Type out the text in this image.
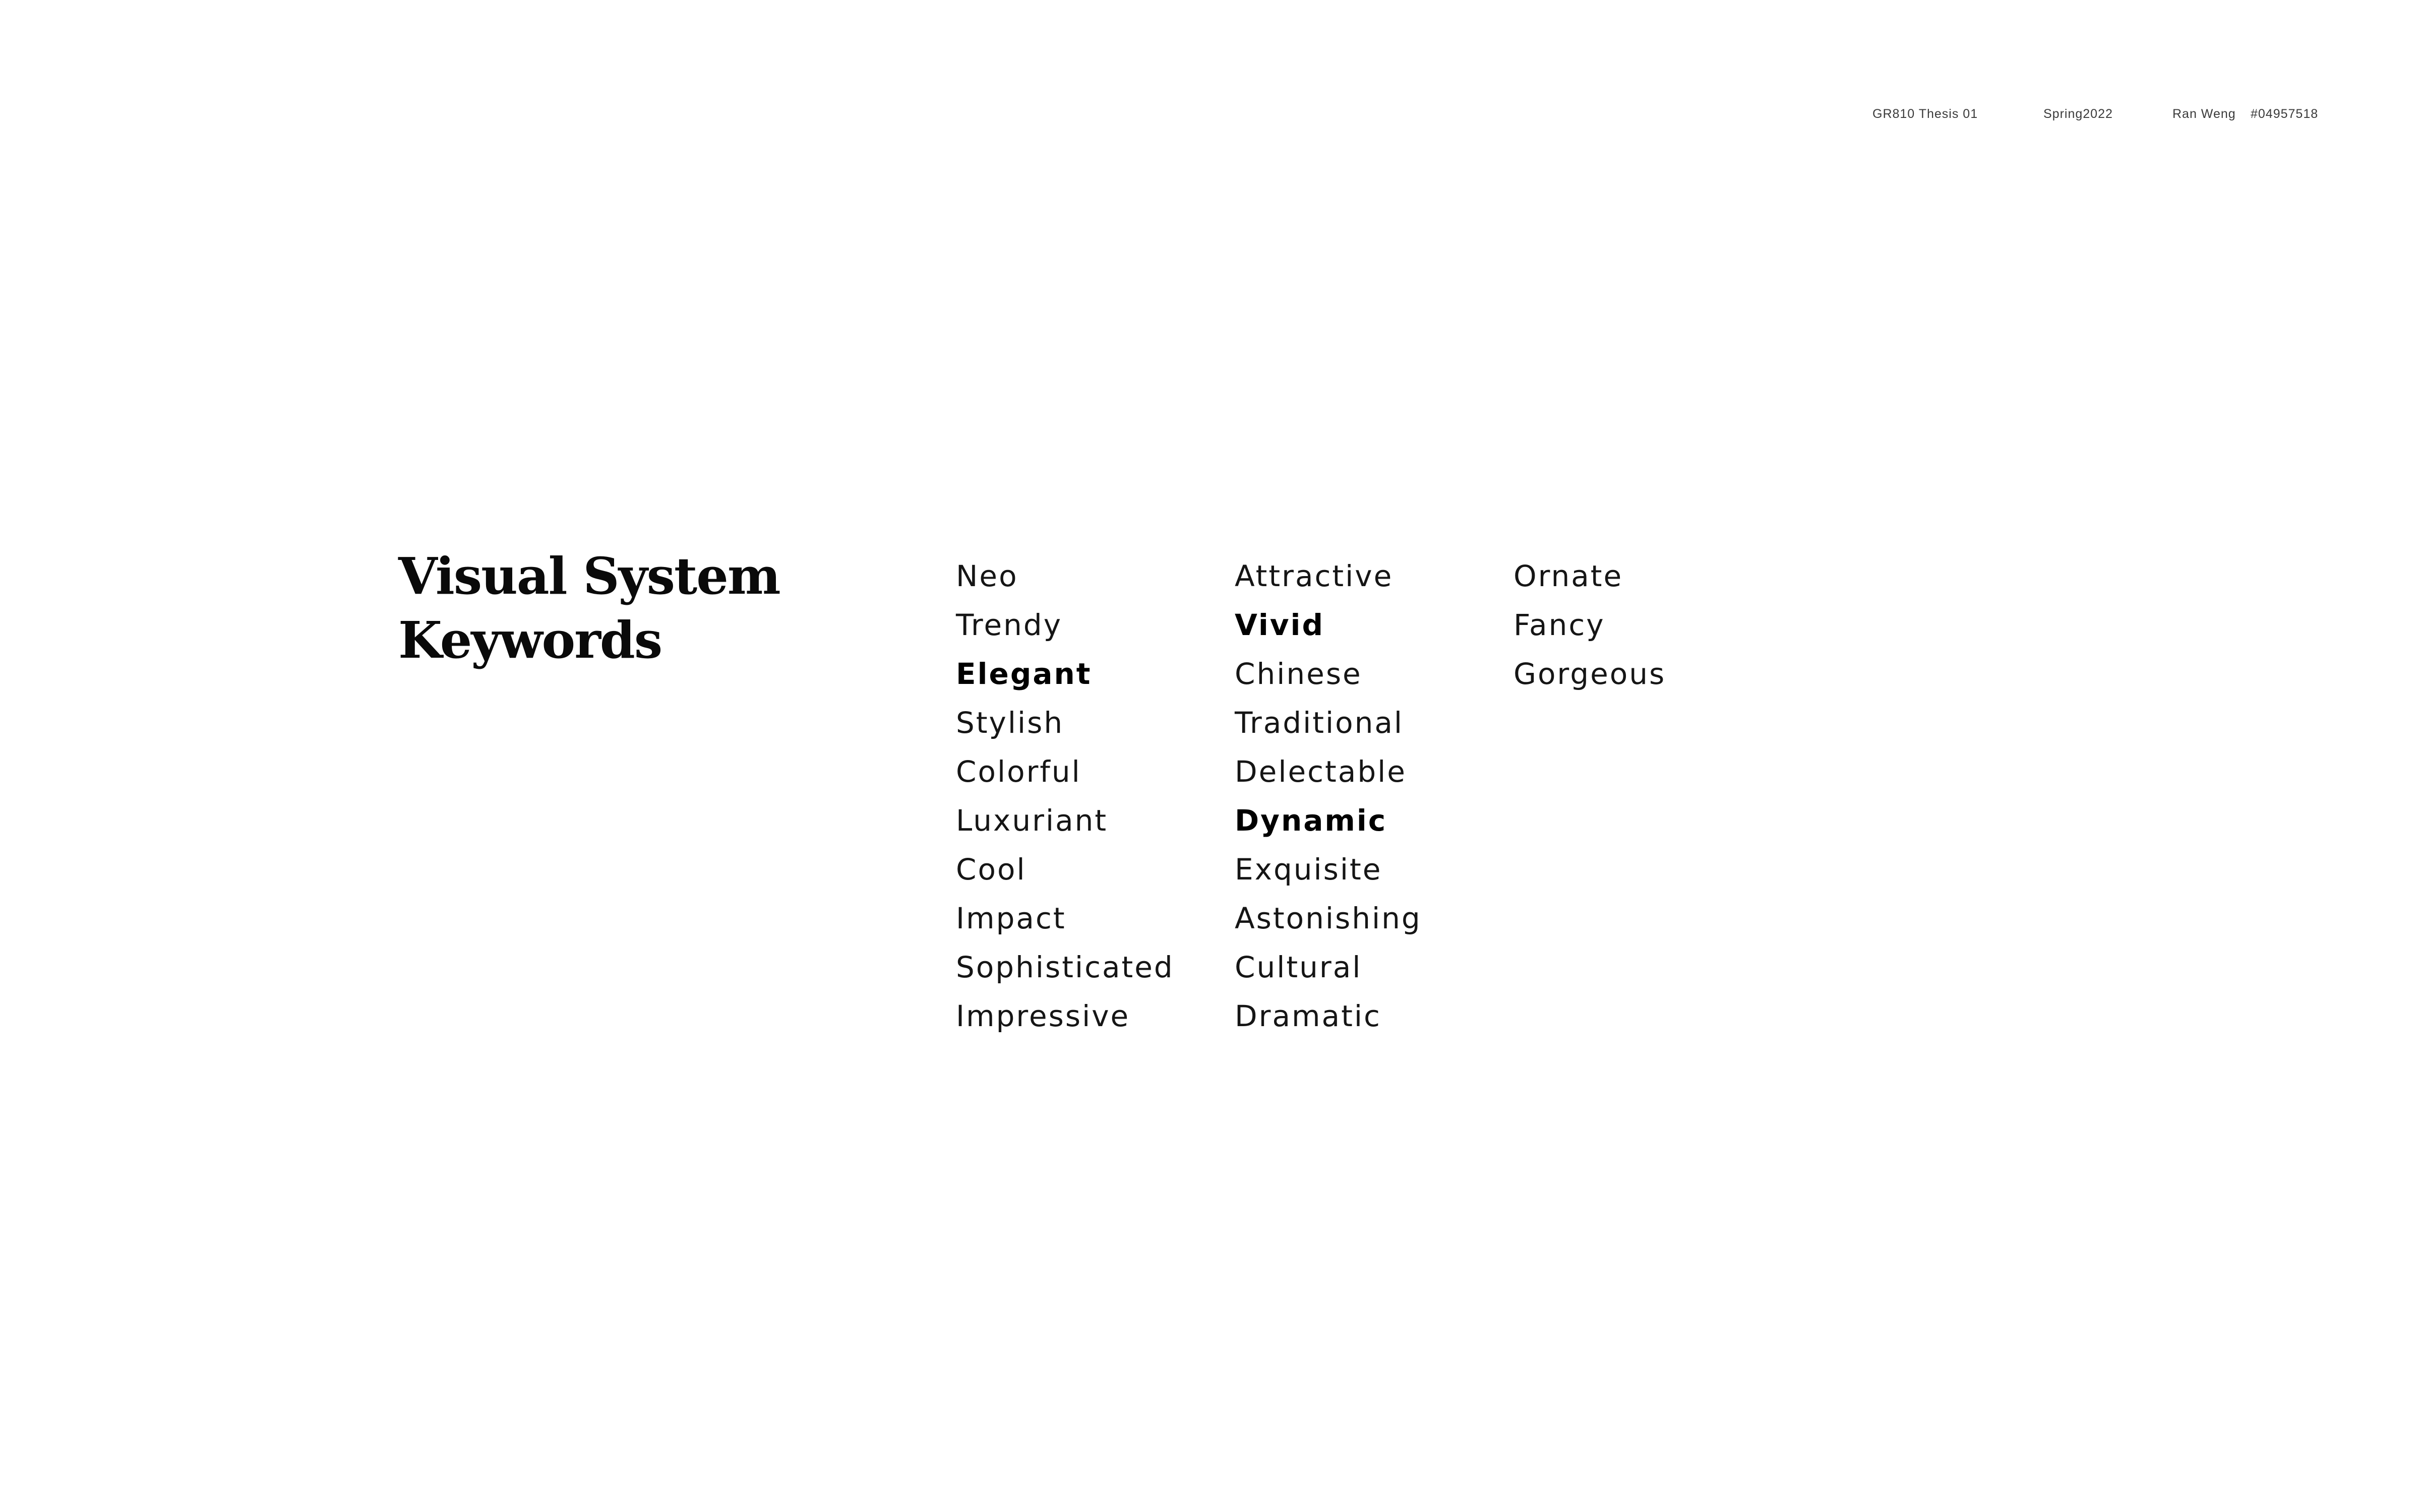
GR810 Thesis 01	Spring2022	Ran Weng #04957518
Visual System
Keywords
Neo
Trendy
Elegant
Stylish
Colorful
Luxuriant
Cool
Impact
Sophisticated
Impressive
Attractive
Vivid
Chinese
Traditional
Delectable
Dynamic
Exquisite
Astonishing
Cultural
Dramatic
Ornate
Fancy
Gorgeous
